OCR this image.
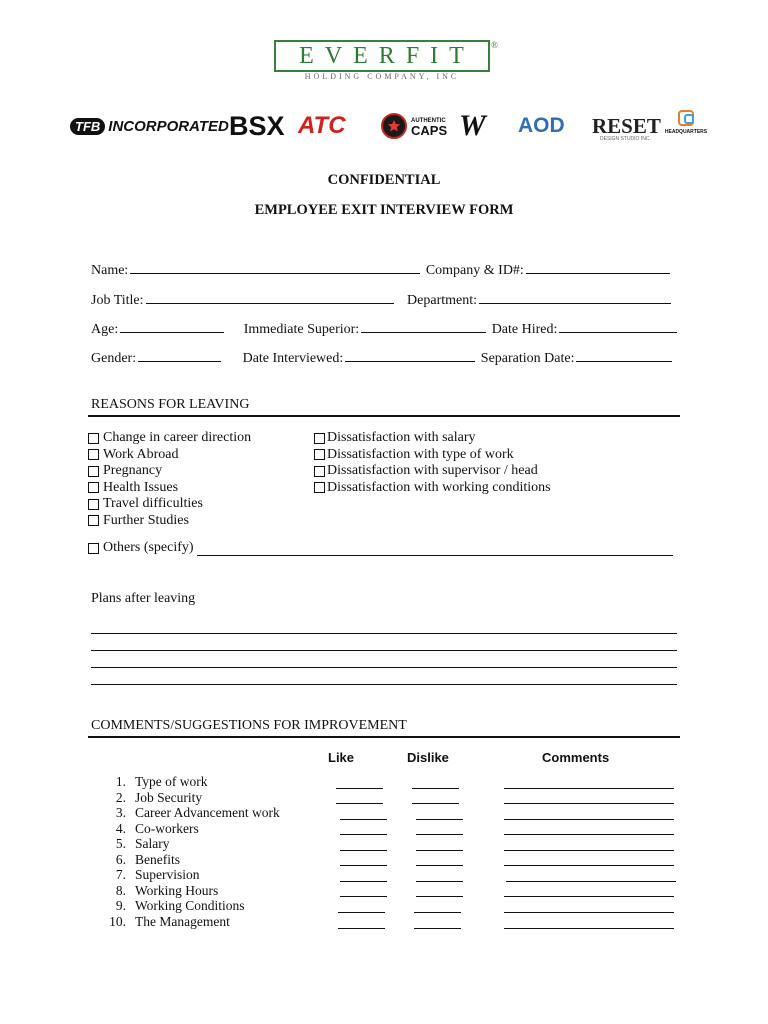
EVERFIT ®
HOLDING COMPANY, INC
TFB INCORPORATED BSX ATC	AUTHENTIC
CAPS W AOD RESET
DESIGN STUDIO INC.
HEADQUARTERS
CONFIDENTIAL
EMPLOYEE EXIT INTERVIEW FORM
Name:	Company & ID#:
Job Title:	Department:
Age:	Immediate Superior:	Date Hired:
Gender:	Date Interviewed:	Separation Date:
REASONS FOR LEAVING
Change in career direction
Work Abroad
Pregnancy
Health Issues
Travel difficulties
Further Studies
Dissatisfaction with salary
Dissatisfaction with type of work
Dissatisfaction with supervisor / head
Dissatisfaction with working conditions
Others (specify)
Plans after leaving
COMMENTS/SUGGESTIONS FOR IMPROVEMENT
Like	Dislike	Comments
1. Type of work
2. Job Security
3. Career Advancement work
4. Co-workers
5. Salary
6. Benefits
7. Supervision
8. Working Hours
9. Working Conditions
10. The Management
